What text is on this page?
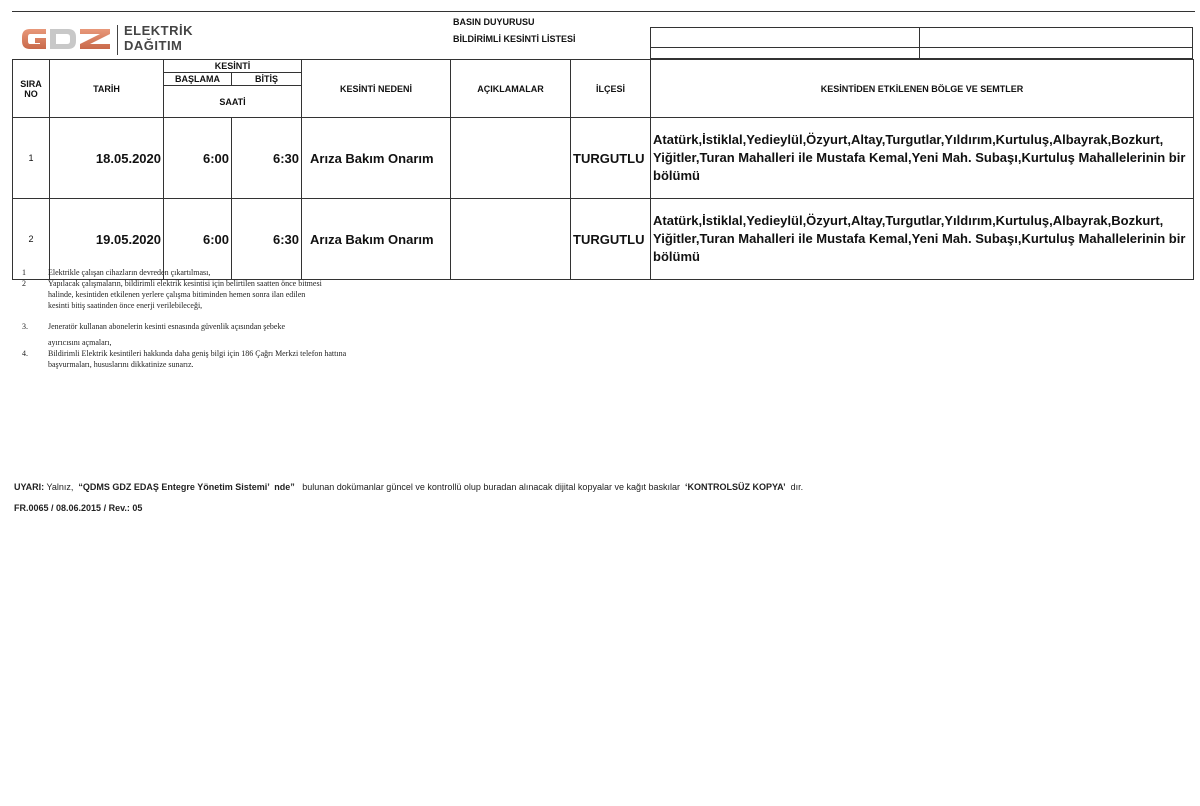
ELEKTRİK
DAĞITIM
BASIN DUYURUSU
BİLDİRİMLİ KESİNTİ LİSTESİ
SIRA
NO	TARİH	KESİNTİ		KESİNTİ NEDENİ	AÇIKLAMALAR	İLÇESİ	KESİNTİDEN ETKİLENEN BÖLGE VE SEMTLER
		BAŞLAMA	BİTİŞ				
		SAATİ					
1	18.05.2020	6:00	6:30	Arıza Bakım Onarım		TURGUTLU	Atatürk,İstiklal,Yedieylül,Özyurt,Altay,Turgutlar,Yıldırım,Kurtuluş,Albayrak,Bozkurt, Yiğitler,Turan Mahalleri ile Mustafa Kemal,Yeni Mah. Subaşı,Kurtuluş Mahallelerinin bir bölümü
2	19.05.2020	6:00	6:30	Arıza Bakım Onarım		TURGUTLU	Atatürk,İstiklal,Yedieylül,Özyurt,Altay,Turgutlar,Yıldırım,Kurtuluş,Albayrak,Bozkurt, Yiğitler,Turan Mahalleri ile Mustafa Kemal,Yeni Mah. Subaşı,Kurtuluş Mahallelerinin bir bölümü
1	Elektrikle çalışan cihazların devreden çıkartılması,
2	Yapılacak çalışmaların, bildirimli elektrik kesintisi için belirtilen saatten önce bitmesi
halinde, kesintiden etkilenen yerlere çalışma bitiminden hemen sonra ilan edilen
kesinti bitiş saatinden önce enerji verilebileceği,
3.	Jeneratör kullanan abonelerin kesinti esnasında güvenlik açısından şebeke
ayırıcısını açmaları,
4.	Bildirimli Elektrik kesintileri hakkında daha geniş bilgi için 186 Çağrı Merkzi telefon hattına
başvurmaları, hususlarını dikkatinize sunarız.
UYARI: Yalnız,  “QDMS GDZ EDAŞ Entegre Yönetim Sistemi’  nde”   bulunan dokümanlar güncel ve kontrollü olup buradan alınacak dijital kopyalar ve kağıt baskılar  ‘KONTROLSÜZ KOPYA’  dır.
FR.0065 / 08.06.2015 / Rev.: 05
